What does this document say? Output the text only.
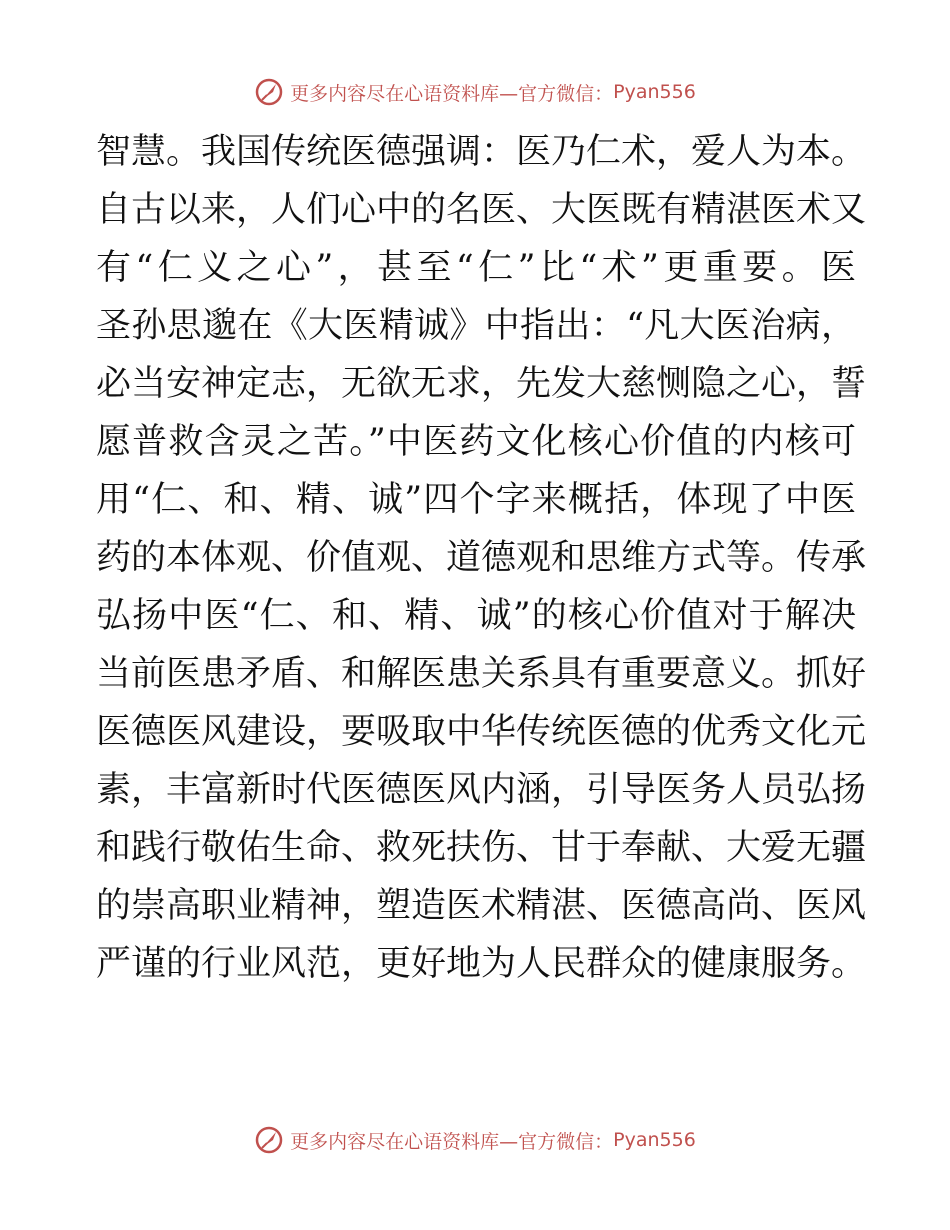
更多内容尽在心语资料库—官方微信： Pyan556
智慧。我国传统医德强调：医乃仁术，爱人为本。
自古以来，人们心中的名医、大医既有精湛医术又
有“仁义之心”，甚至“仁”比“术”更重要。医
圣孙思邈在《大医精诚》中指出：“凡大医治病，
必当安神定志，无欲无求，先发大慈恻隐之心，誓
愿普救含灵之苦。”中医药文化核心价值的内核可
用“仁、和、精、诚”四个字来概括，体现了中医
药的本体观、价值观、道德观和思维方式等。传承
弘扬中医“仁、和、精、诚”的核心价值对于解决
当前医患矛盾、和解医患关系具有重要意义。抓好
医德医风建设，要吸取中华传统医德的优秀文化元
素，丰富新时代医德医风内涵，引导医务人员弘扬
和践行敬佑生命、救死扶伤、甘于奉献、大爱无疆
的崇高职业精神，塑造医术精湛、医德高尚、医风
严谨的行业风范，更好地为人民群众的健康服务。
更多内容尽在心语资料库—官方微信： Pyan556
